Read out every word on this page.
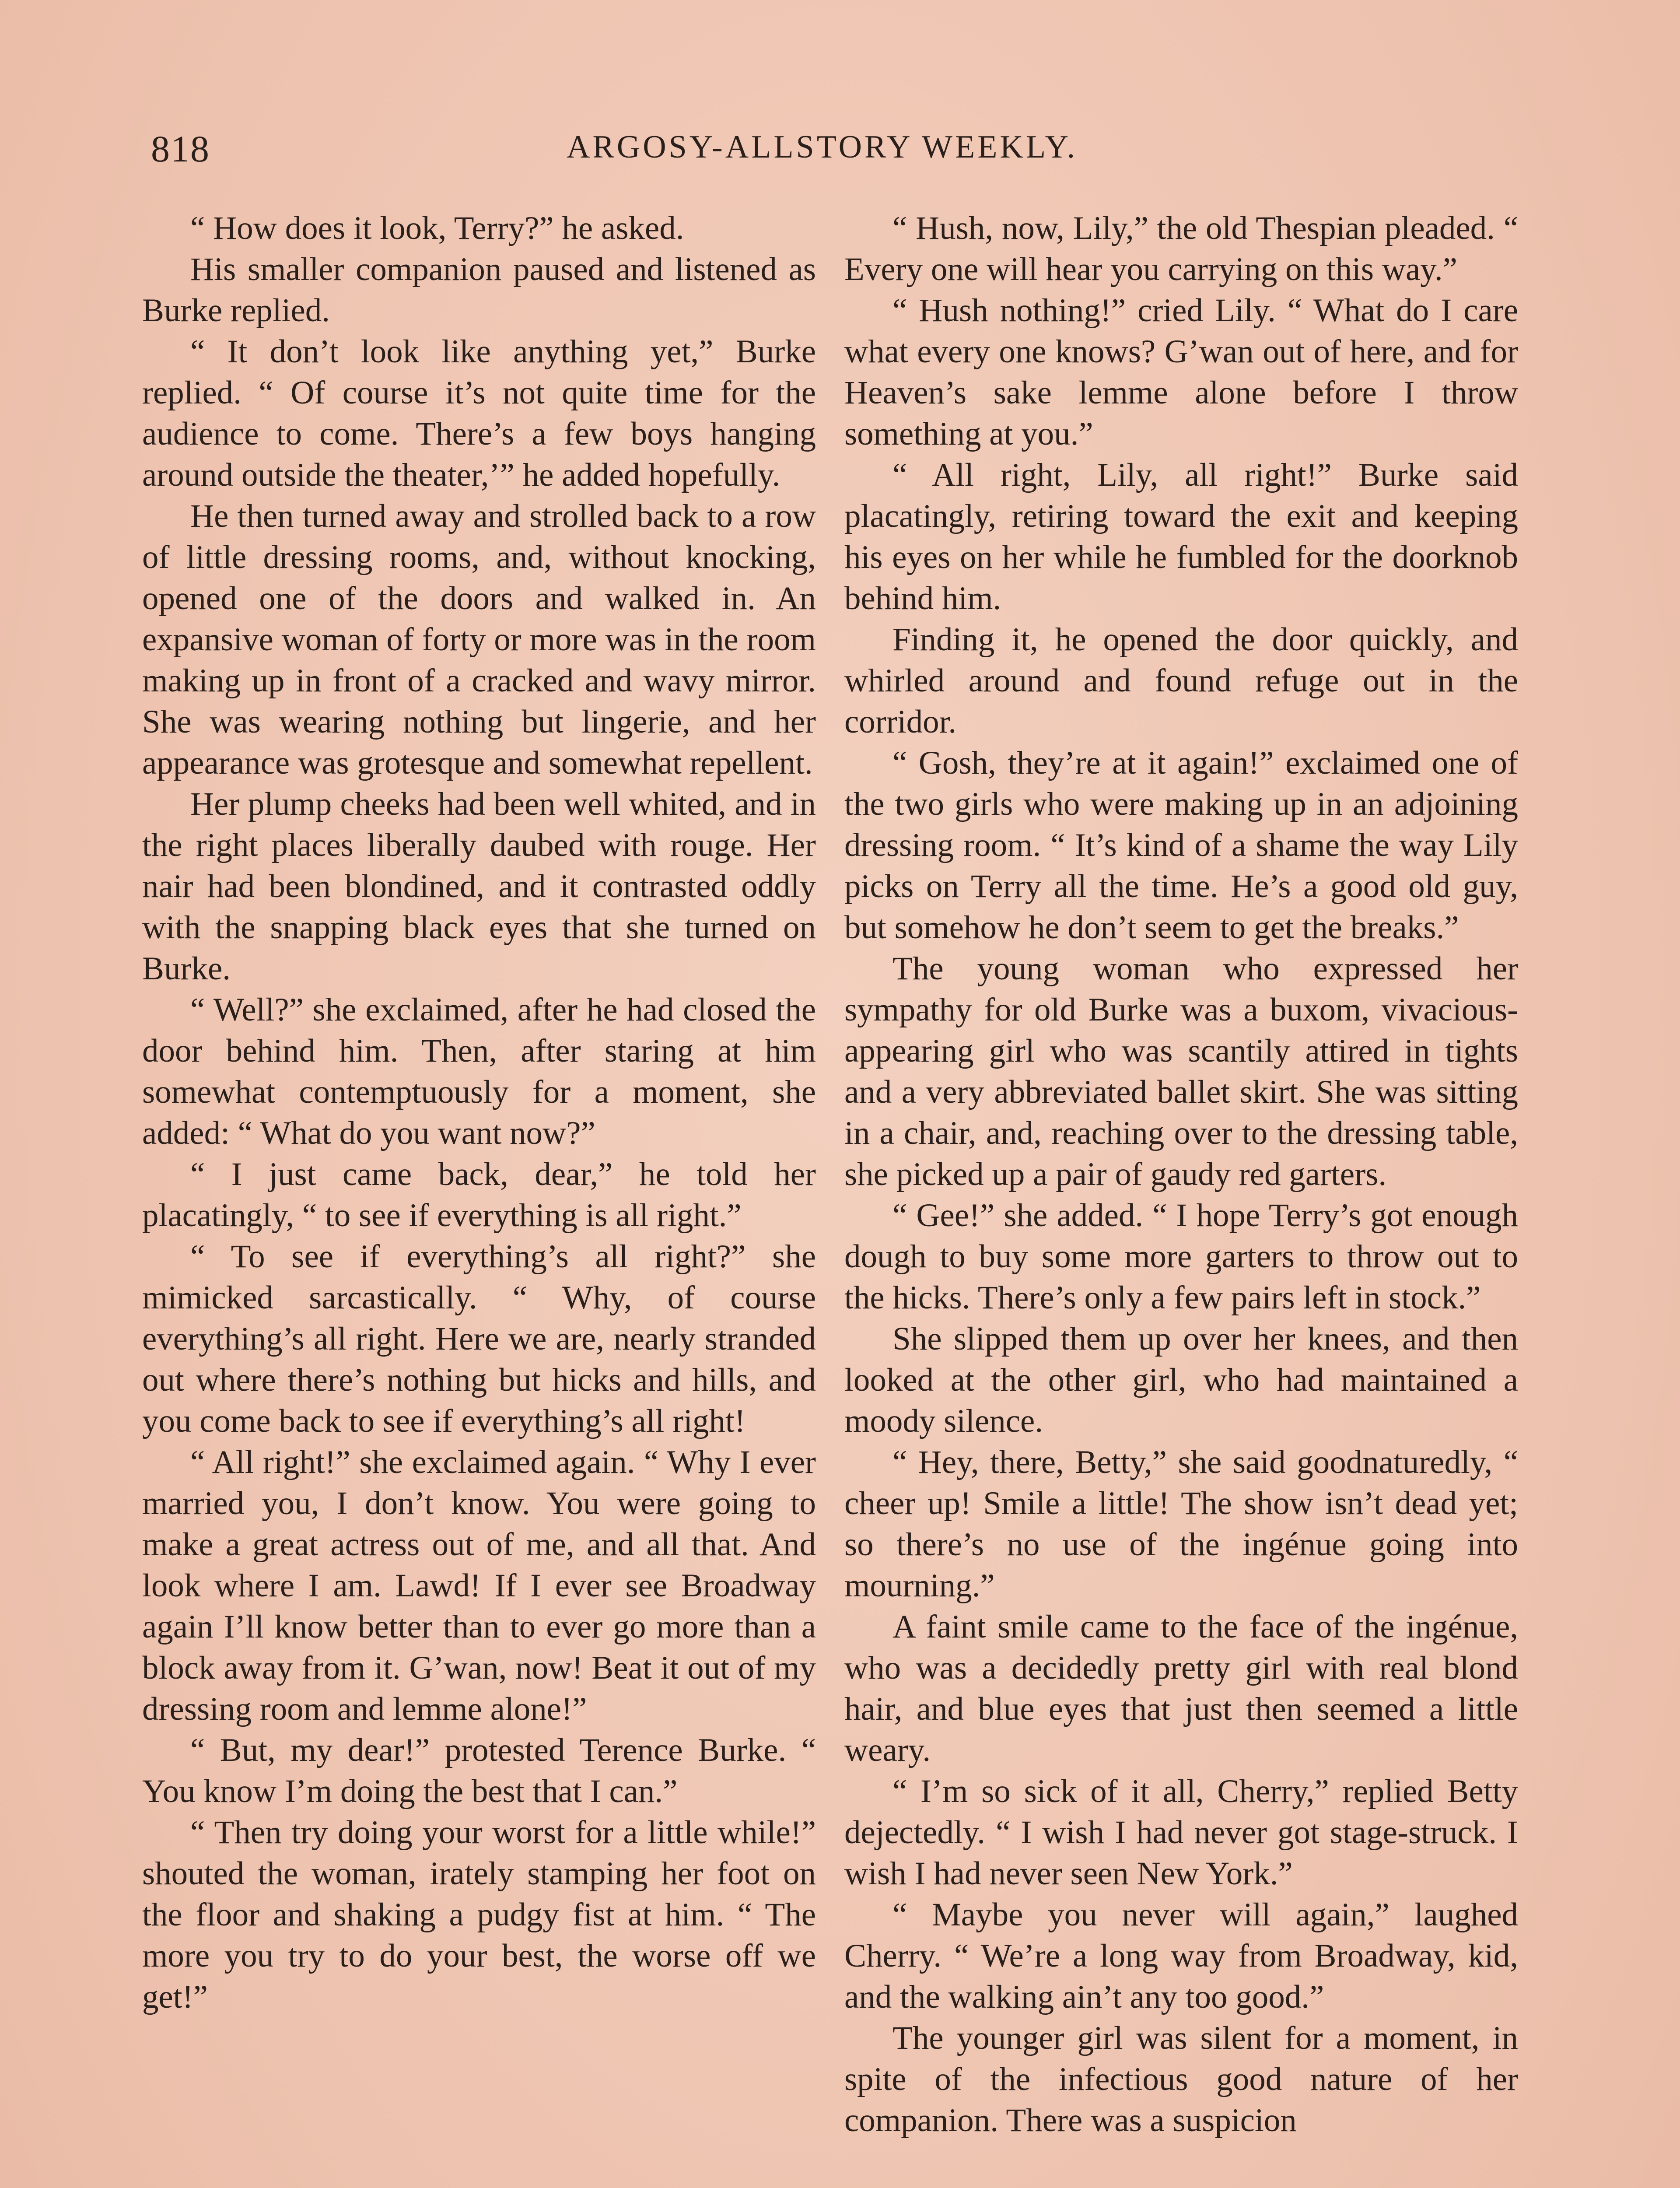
818	ARGOSY-ALLSTORY WEEKLY.

“ How does it look, Terry?” he asked.

His smaller companion paused and listened as Burke replied.

“ It don’t look like anything yet,” Burke replied. “ Of course it’s not quite time for the audience to come. There’s a few boys hanging around outside the theater,’” he added hopefully.

He then turned away and strolled back to a row of little dressing rooms, and, without knocking, opened one of the doors and walked in. An expansive woman of forty or more was in the room making up in front of a cracked and wavy mirror. She was wearing nothing but lingerie, and her appearance was grotesque and somewhat repellent.

Her plump cheeks had been well whited, and in the right places liberally daubed with rouge. Her nair had been blondined, and it contrasted oddly with the snapping black eyes that she turned on Burke.

“ Well?” she exclaimed, after he had closed the door behind him. Then, after staring at him somewhat contemptuously for a moment, she added: “ What do you want now?”

“ I just came back, dear,” he told her placatingly, “ to see if everything is all right.”

“ To see if everything’s all right?” she mimicked sarcastically. “ Why, of course everything’s all right. Here we are, nearly stranded out where there’s nothing but hicks and hills, and you come back to see if everything’s all right!

“ All right!” she exclaimed again. “ Why I ever married you, I don’t know. You were going to make a great actress out of me, and all that. And look where I am. Lawd! If I ever see Broadway again I’ll know better than to ever go more than a block away from it. G’wan, now! Beat it out of my dressing room and lemme alone!”

“ But, my dear!” protested Terence Burke. “ You know I’m doing the best that I can.”

“ Then try doing your worst for a little while!” shouted the woman, irately stamping her foot on the floor and shaking a pudgy fist at him. “ The more you try to do your best, the worse off we get!”

“ Hush, now, Lily,” the old Thespian pleaded. “ Every one will hear you carrying on this way.”

“ Hush nothing!” cried Lily. “ What do I care what every one knows? G’wan out of here, and for Heaven’s sake lemme alone before I throw something at you.”

“ All right, Lily, all right!” Burke said placatingly, retiring toward the exit and keeping his eyes on her while he fumbled for the doorknob behind him.

Finding it, he opened the door quickly, and whirled around and found refuge out in the corridor.

“ Gosh, they’re at it again!” exclaimed one of the two girls who were making up in an adjoining dressing room. “ It’s kind of a shame the way Lily picks on Terry all the time. He’s a good old guy, but somehow he don’t seem to get the breaks.”

The young woman who expressed her sympathy for old Burke was a buxom, vivacious-appearing girl who was scantily attired in tights and a very abbreviated ballet skirt. She was sitting in a chair, and, reaching over to the dressing table, she picked up a pair of gaudy red garters.

“ Gee!” she added. “ I hope Terry’s got enough dough to buy some more garters to throw out to the hicks. There’s only a few pairs left in stock.”

She slipped them up over her knees, and then looked at the other girl, who had maintained a moody silence.

“ Hey, there, Betty,” she said goodnaturedly, “ cheer up! Smile a little! The show isn’t dead yet; so there’s no use of the ingénue going into mourning.”

A faint smile came to the face of the ingénue, who was a decidedly pretty girl with real blond hair, and blue eyes that just then seemed a little weary.

“ I’m so sick of it all, Cherry,” replied Betty dejectedly. “ I wish I had never got stage-struck. I wish I had never seen New York.”

“ Maybe you never will again,” laughed Cherry. “ We’re a long way from Broadway, kid, and the walking ain’t any too good.”

The younger girl was silent for a moment, in spite of the infectious good nature of her companion. There was a suspicion
